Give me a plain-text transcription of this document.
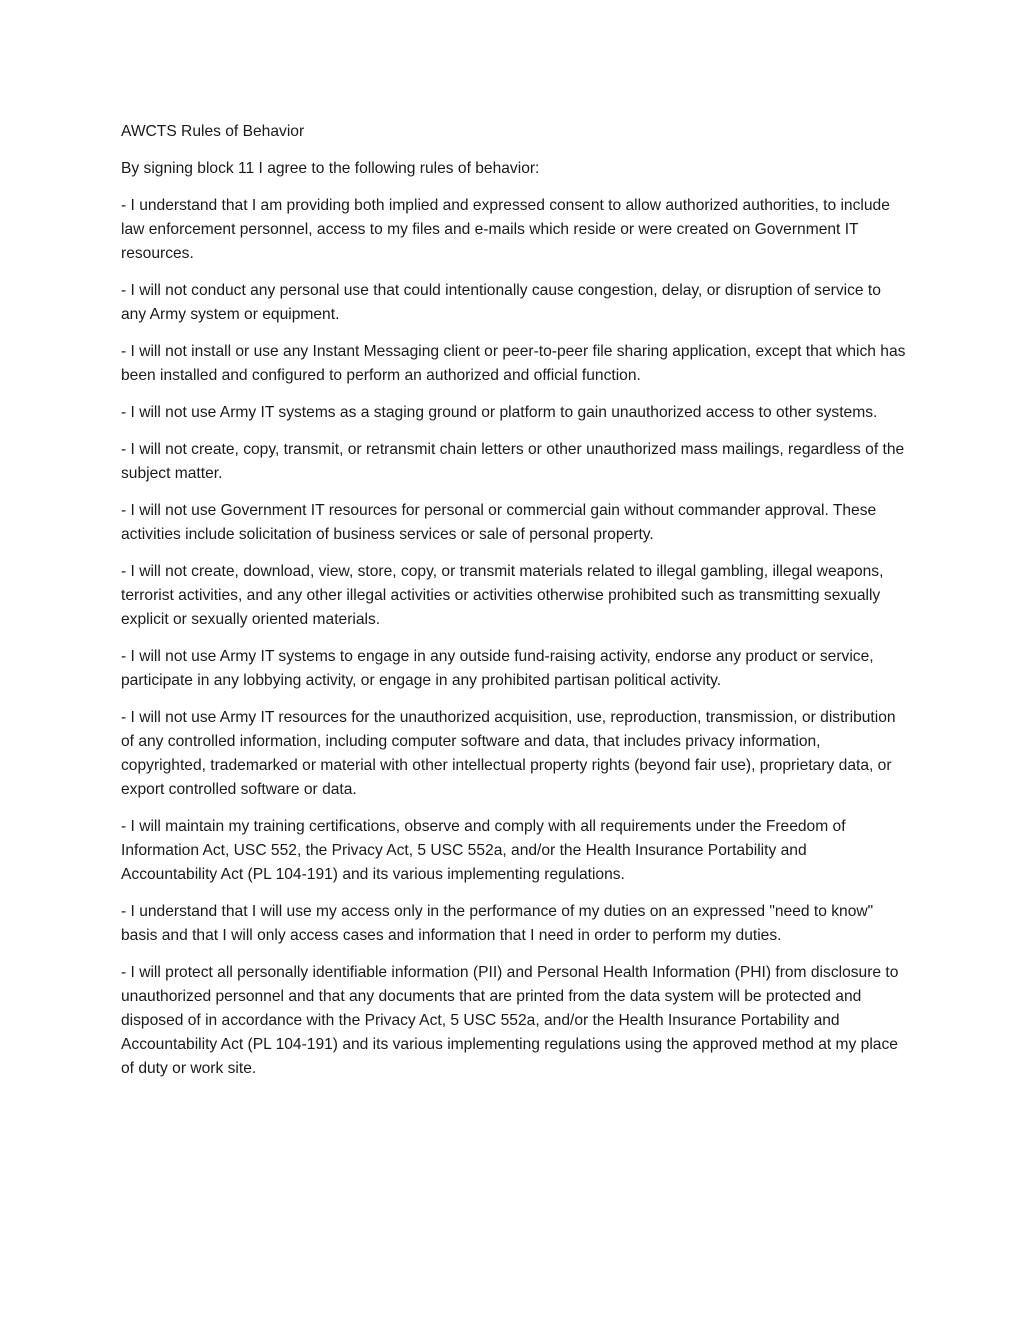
AWCTS Rules of Behavior

By signing block 11 I agree to the following rules of behavior:

- I understand that I am providing both implied and expressed consent to allow authorized authorities, to include law enforcement personnel, access to my files and e-mails which reside or were created on Government IT resources.

- I will not conduct any personal use that could intentionally cause congestion, delay, or disruption of service to any Army system or equipment.

- I will not install or use any Instant Messaging client or peer-to-peer file sharing application, except that which has been installed and configured to perform an authorized and official function.

- I will not use Army IT systems as a staging ground or platform to gain unauthorized access to other systems.

- I will not create, copy, transmit, or retransmit chain letters or other unauthorized mass mailings, regardless of the subject matter.

- I will not use Government IT resources for personal or commercial gain without commander approval. These activities include solicitation of business services or sale of personal property.

- I will not create, download, view, store, copy, or transmit materials related to illegal gambling, illegal weapons, terrorist activities, and any other illegal activities or activities otherwise prohibited such as transmitting sexually explicit or sexually oriented materials.

- I will not use Army IT systems to engage in any outside fund-raising activity, endorse any product or service, participate in any lobbying activity, or engage in any prohibited partisan political activity.

- I will not use Army IT resources for the unauthorized acquisition, use, reproduction, transmission, or distribution of any controlled information, including computer software and data, that includes privacy information, copyrighted, trademarked or material with other intellectual property rights (beyond fair use), proprietary data, or export controlled software or data.

- I will maintain my training certifications, observe and comply with all requirements under the Freedom of Information Act, USC 552, the Privacy Act, 5 USC 552a, and/or the Health Insurance Portability and Accountability Act (PL 104-191) and its various implementing regulations.

- I understand that I will use my access only in the performance of my duties on an expressed "need to know" basis and that I will only access cases and information that I need in order to perform my duties.

- I will protect all personally identifiable information (PII) and Personal Health Information (PHI) from disclosure to unauthorized personnel and that any documents that are printed from the data system will be protected and disposed of in accordance with the Privacy Act, 5 USC 552a, and/or the Health Insurance Portability and Accountability Act (PL 104-191) and its various implementing regulations using the approved method at my place of duty or work site.
